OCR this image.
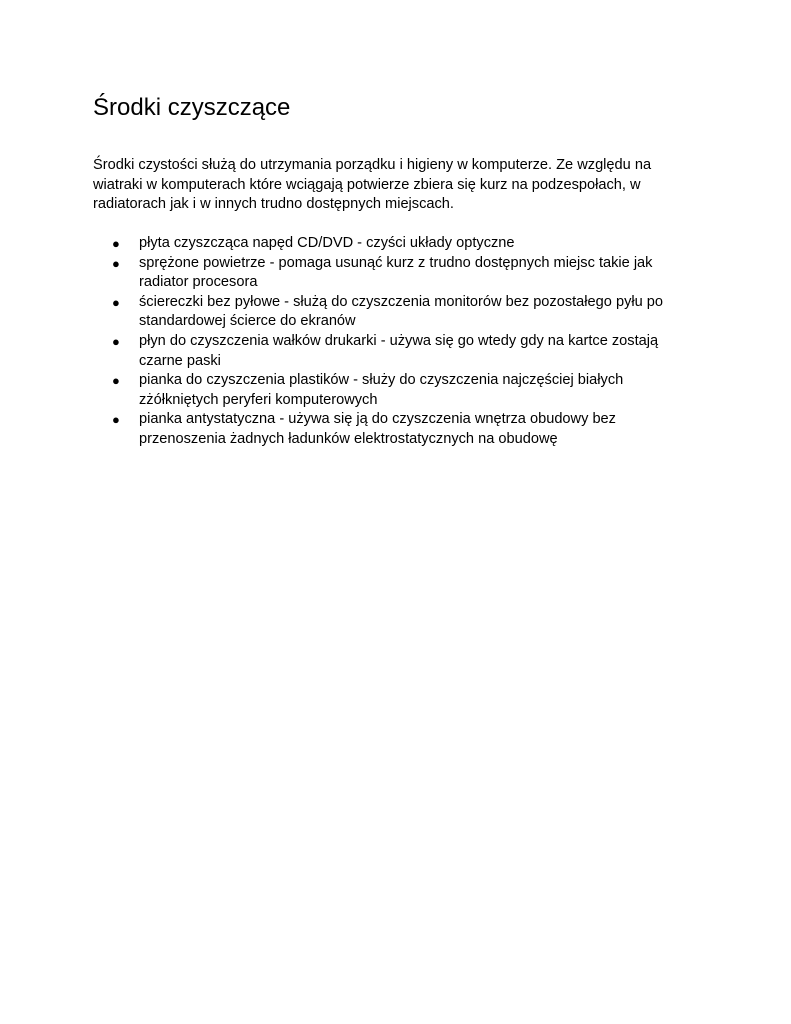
Środki czyszczące

Środki czystości służą do utrzymania porządku i higieny w komputerze. Ze względu na wiatraki w komputerach które wciągają potwierze zbiera się kurz na podzespołach, w radiatorach jak i w innych trudno dostępnych miejscach.

●	płyta czyszcząca napęd CD/DVD - czyści układy optyczne
●	sprężone powietrze - pomaga usunąć kurz z trudno dostępnych miejsc takie jak radiator procesora
●	ściereczki bez pyłowe - służą do czyszczenia monitorów bez pozostałego pyłu po standardowej ścierce do ekranów
●	płyn do czyszczenia wałków drukarki - używa się go wtedy gdy na kartce zostają czarne paski
●	pianka do czyszczenia plastików - służy do czyszczenia najczęściej białych zżółkniętych peryferi komputerowych
●	pianka antystatyczna - używa się ją do czyszczenia wnętrza obudowy bez przenoszenia żadnych ładunków elektrostatycznych na obudowę
